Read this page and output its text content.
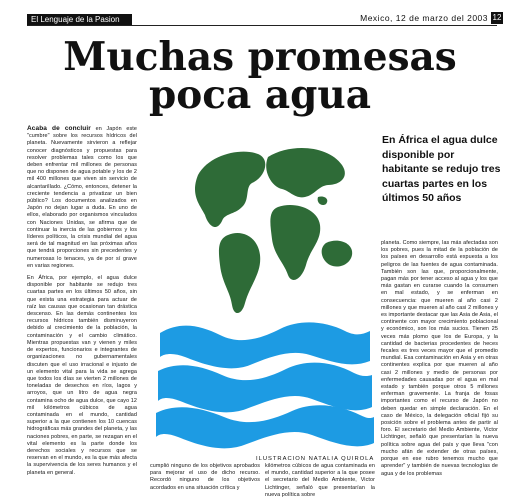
El Lenguaje de la Pasion	Mexico, 12 de marzo del 2003 12
Muchas promesas
poca agua

Acaba de concluir en Japón este "cumbre" sobre los recursos hídricos del planeta. Nuevamente sirvieron a reflejar conocer diagnósticos y propuestas para resolver problemas tales como los que deben enfrentar mil millones de personas que no disponen de agua potable y los de 2 mil 400 millones que viven sin servicio de alcantarillado. ¿Cómo, entonces, detener la creciente tendencia a privatizar un bien público? Los documentos analizados en Japón no dejan lugar a duda. En uno de ellos, elaborado por organismos vinculados con Naciones Unidas, se afirma que de continuar la inercia de las gobiernos y los líderes políticos, la crisis mundial del agua será de tal magnitud en las próximas años que tendrá proporciones sin precedentes y numerosas lo tenaces, ya de por sí grave en varias regiones.

En África, por ejemplo, el agua dulce disponible por habitante se redujo tres cuartas partes en los últimos 50 años, sin que exista una estrategia para actuar de raíz las causas que ocasionan tan drástica descenso. En las demás continentes los recursos hídricos también disminuyeron debido al crecimiento de la población, la contaminación y el cambio climático. Mientras propuestas van y vienen y miles de expertos, funcionarios e integrantes de organizaciones no gubernamentales discuten que el uso irracional e injusto de un elemento vital para la vida se agrega que todos los días se vierten 2 millones de toneladas de desechos en ríos, lagos y arroyos, que un litro de agua negra contamina ocho de agua dulce, que cayo 12 mil kilómetros cúbicos de agua contaminada en el mundo, cantidad superior a la que contienen los 10 cuencas hidrográficas más grandes del planeta, y las naciones pobres, en parte, se rezagan en el vital elemento es la parte donde los derechos sociales y recursos que se reservan en el mundo, es la que más afecta la supervivencia de los seres humanos y el planeta en general.

En África el agua dulce disponible por habitante se redujo tres cuartas partes en los últimos 50 años
planeta. Como siempre, las más afectadas son los pobres, pues la mitad de la población de los países en desarrollo está expuesta a los peligros de las fuentes de agua contaminada. También son las que, proporcionalmente, pagan más por tener acceso al agua y los que más gastan en curarse cuando la consumen en mal estado, y se enferman en consecuencia: que mueren al año casi 2 millones y que mueren al año casi 2 millones y es importante destacar que las Asia de Asia, el continente con mayor crecimiento poblacional y económico, son los más sucios. Tienen 25 veces más plomo que los de Europa, y la cantidad de bacterias procedentes de heces fecales es tres veces mayor que el promedio mundial. Esa contaminación en Asia y en otras continentes explica por que mueren al año casi 2 millones y medio de personas por enfermedades causadas por el agua en mal estado y también porque otros 5 millones enferman gravemente. La franja de fosas importantes como el recurso de Japón no deben quedar en simple declaración. En el caso de México, la delegación oficial fijó su posición sobre el problema antes de partir al foro. El secretario del Medio Ambiente, Victor Lichtinger, señaló que presentarían la nueva política sobre agua del país y que lleva "con mucho afán de extender de otras países, porque en ese rubro tenemos mucho que aprender" y también de nuevas tecnologías de agua y de los problemas
ILUSTRACION NATALIA QUIROLA
cumplió ninguno de los objetivos aprobados para mejorar el uso de dicho recurso. Recordó ninguno de los objetivos acordados en una situación crítica y
kilómetros cúbicos de agua contaminada en el mundo, cantidad superior a la que posee el secretario del Medio Ambiente, Victor Lichtinger, señaló que presentarían la nueva política sobre
